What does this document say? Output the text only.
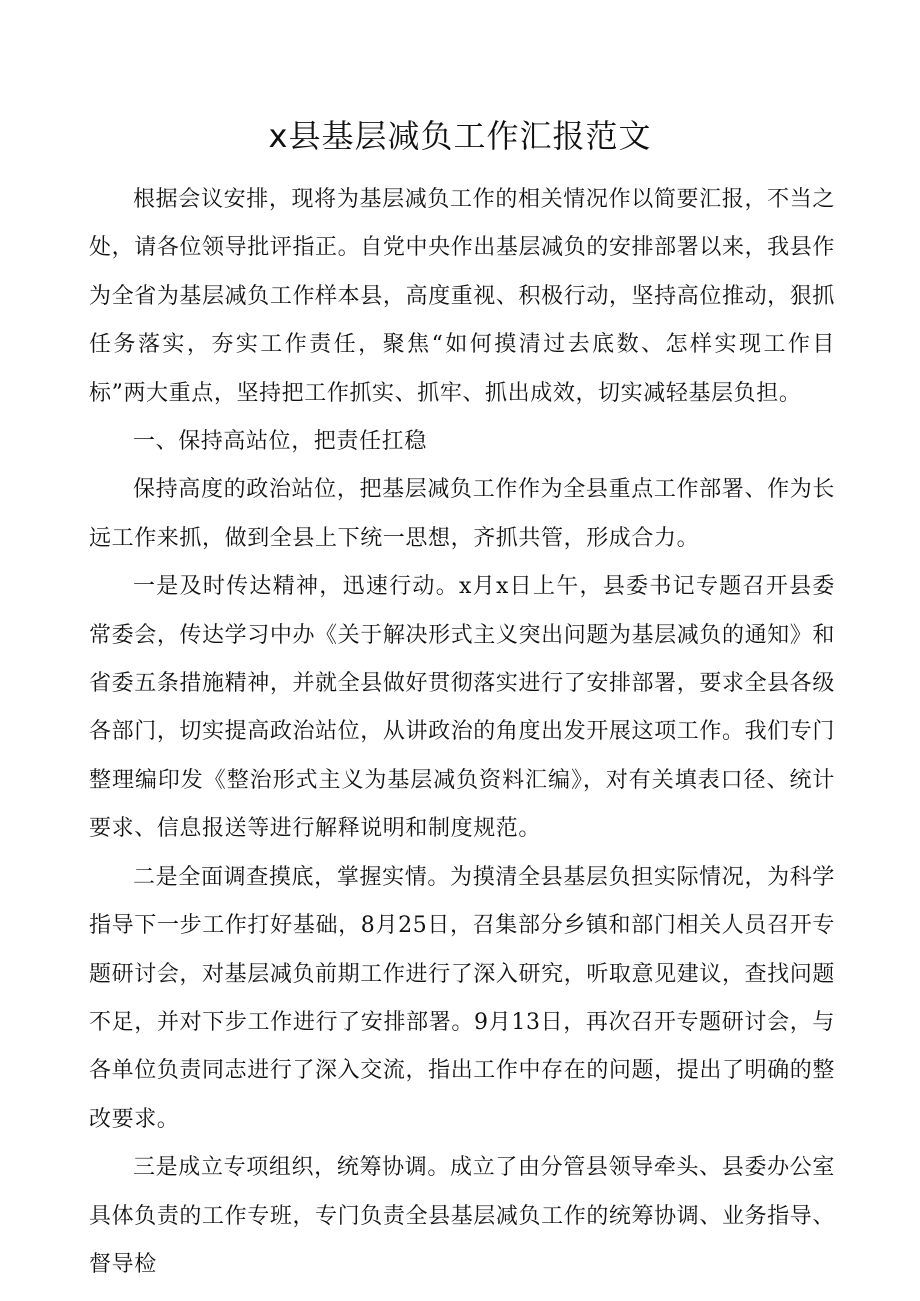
x县基层减负工作汇报范文

根据会议安排，现将为基层减负工作的相关情况作以简要汇报，不当之处，请各位领导批评指正。自党中央作出基层减负的安排部署以来，我县作为全省为基层减负工作样本县，高度重视、积极行动，坚持高位推动，狠抓任务落实，夯实工作责任，聚焦“如何摸清过去底数、怎样实现工作目标”两大重点，坚持把工作抓实、抓牢、抓出成效，切实减轻基层负担。

一、保持高站位，把责任扛稳

保持高度的政治站位，把基层减负工作作为全县重点工作部署、作为长远工作来抓，做到全县上下统一思想，齐抓共管，形成合力。

一是及时传达精神，迅速行动。x月x日上午，县委书记专题召开县委常委会，传达学习中办《关于解决形式主义突出问题为基层减负的通知》和省委五条措施精神，并就全县做好贯彻落实进行了安排部署，要求全县各级各部门，切实提高政治站位，从讲政治的角度出发开展这项工作。我们专门整理编印发《整治形式主义为基层减负资料汇编》，对有关填表口径、统计要求、信息报送等进行解释说明和制度规范。

二是全面调查摸底，掌握实情。为摸清全县基层负担实际情况，为科学指导下一步工作打好基础，8月25日，召集部分乡镇和部门相关人员召开专题研讨会，对基层减负前期工作进行了深入研究，听取意见建议，查找问题不足，并对下步工作进行了安排部署。9月13日，再次召开专题研讨会，与各单位负责同志进行了深入交流，指出工作中存在的问题，提出了明确的整改要求。

三是成立专项组织，统筹协调。成立了由分管县领导牵头、县委办公室具体负责的工作专班，专门负责全县基层减负工作的统筹协调、业务指导、督导检
